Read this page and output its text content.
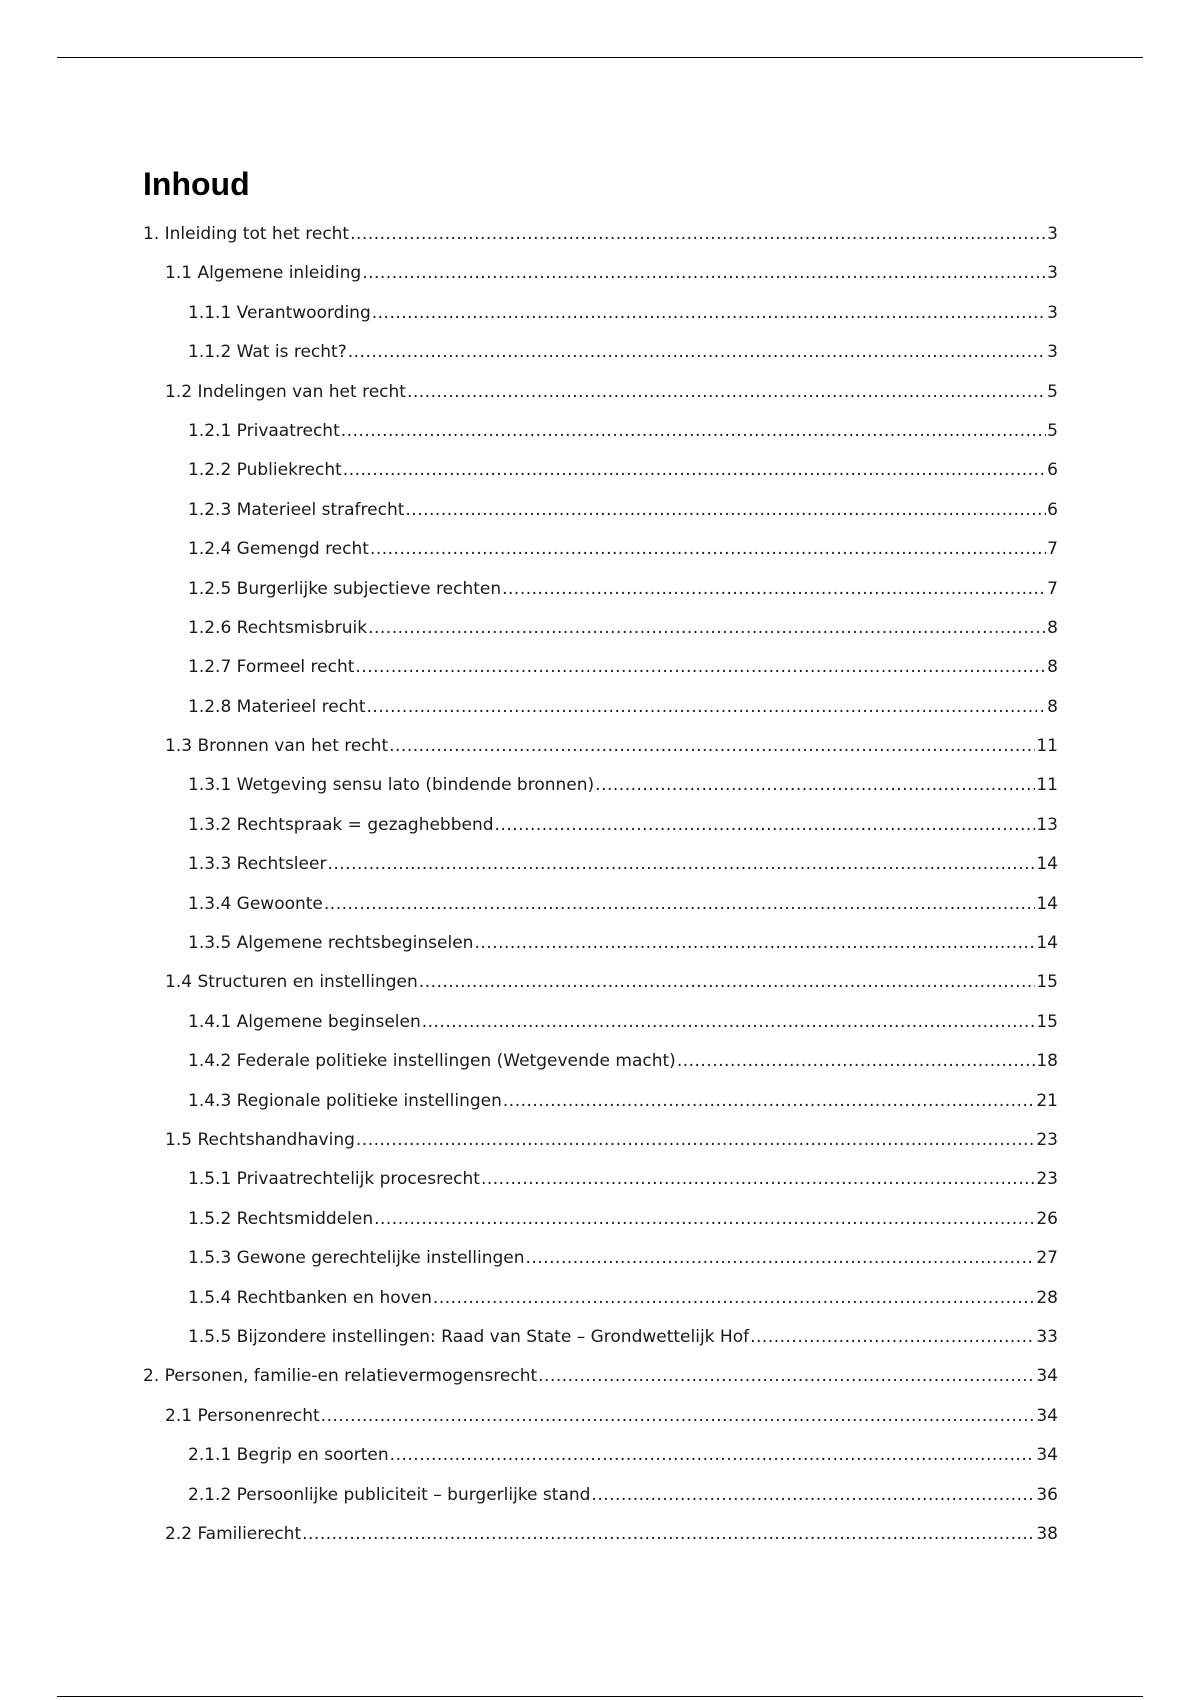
Inhoud
1. Inleiding tot het recht .....	3
1.1 Algemene inleiding .....	3
1.1.1 Verantwoording .....	3
1.1.2 Wat is recht? .....	3
1.2 Indelingen van het recht .....	5
1.2.1 Privaatrecht .....	5
1.2.2 Publiekrecht .....	6
1.2.3 Materieel strafrecht .....	6
1.2.4 Gemengd recht .....	7
1.2.5 Burgerlijke subjectieve rechten .....	7
1.2.6 Rechtsmisbruik .....	8
1.2.7 Formeel recht .....	8
1.2.8 Materieel recht .....	8
1.3 Bronnen van het recht .....	11
1.3.1 Wetgeving sensu lato (bindende bronnen) .....	11
1.3.2 Rechtspraak = gezaghebbend .....	13
1.3.3 Rechtsleer .....	14
1.3.4 Gewoonte .....	14
1.3.5 Algemene rechtsbeginselen .....	14
1.4 Structuren en instellingen .....	15
1.4.1 Algemene beginselen .....	15
1.4.2 Federale politieke instellingen (Wetgevende macht) .....	18
1.4.3 Regionale politieke instellingen .....	21
1.5 Rechtshandhaving .....	23
1.5.1 Privaatrechtelijk procesrecht .....	23
1.5.2 Rechtsmiddelen .....	26
1.5.3 Gewone gerechtelijke instellingen .....	27
1.5.4 Rechtbanken en hoven .....	28
1.5.5 Bijzondere instellingen: Raad van State – Grondwettelijk Hof .....	33
2. Personen, familie-en relatievermogensrecht .....	34
2.1 Personenrecht .....	34
2.1.1 Begrip en soorten .....	34
2.1.2 Persoonlijke publiciteit – burgerlijke stand .....	36
2.2 Familierecht .....	38
